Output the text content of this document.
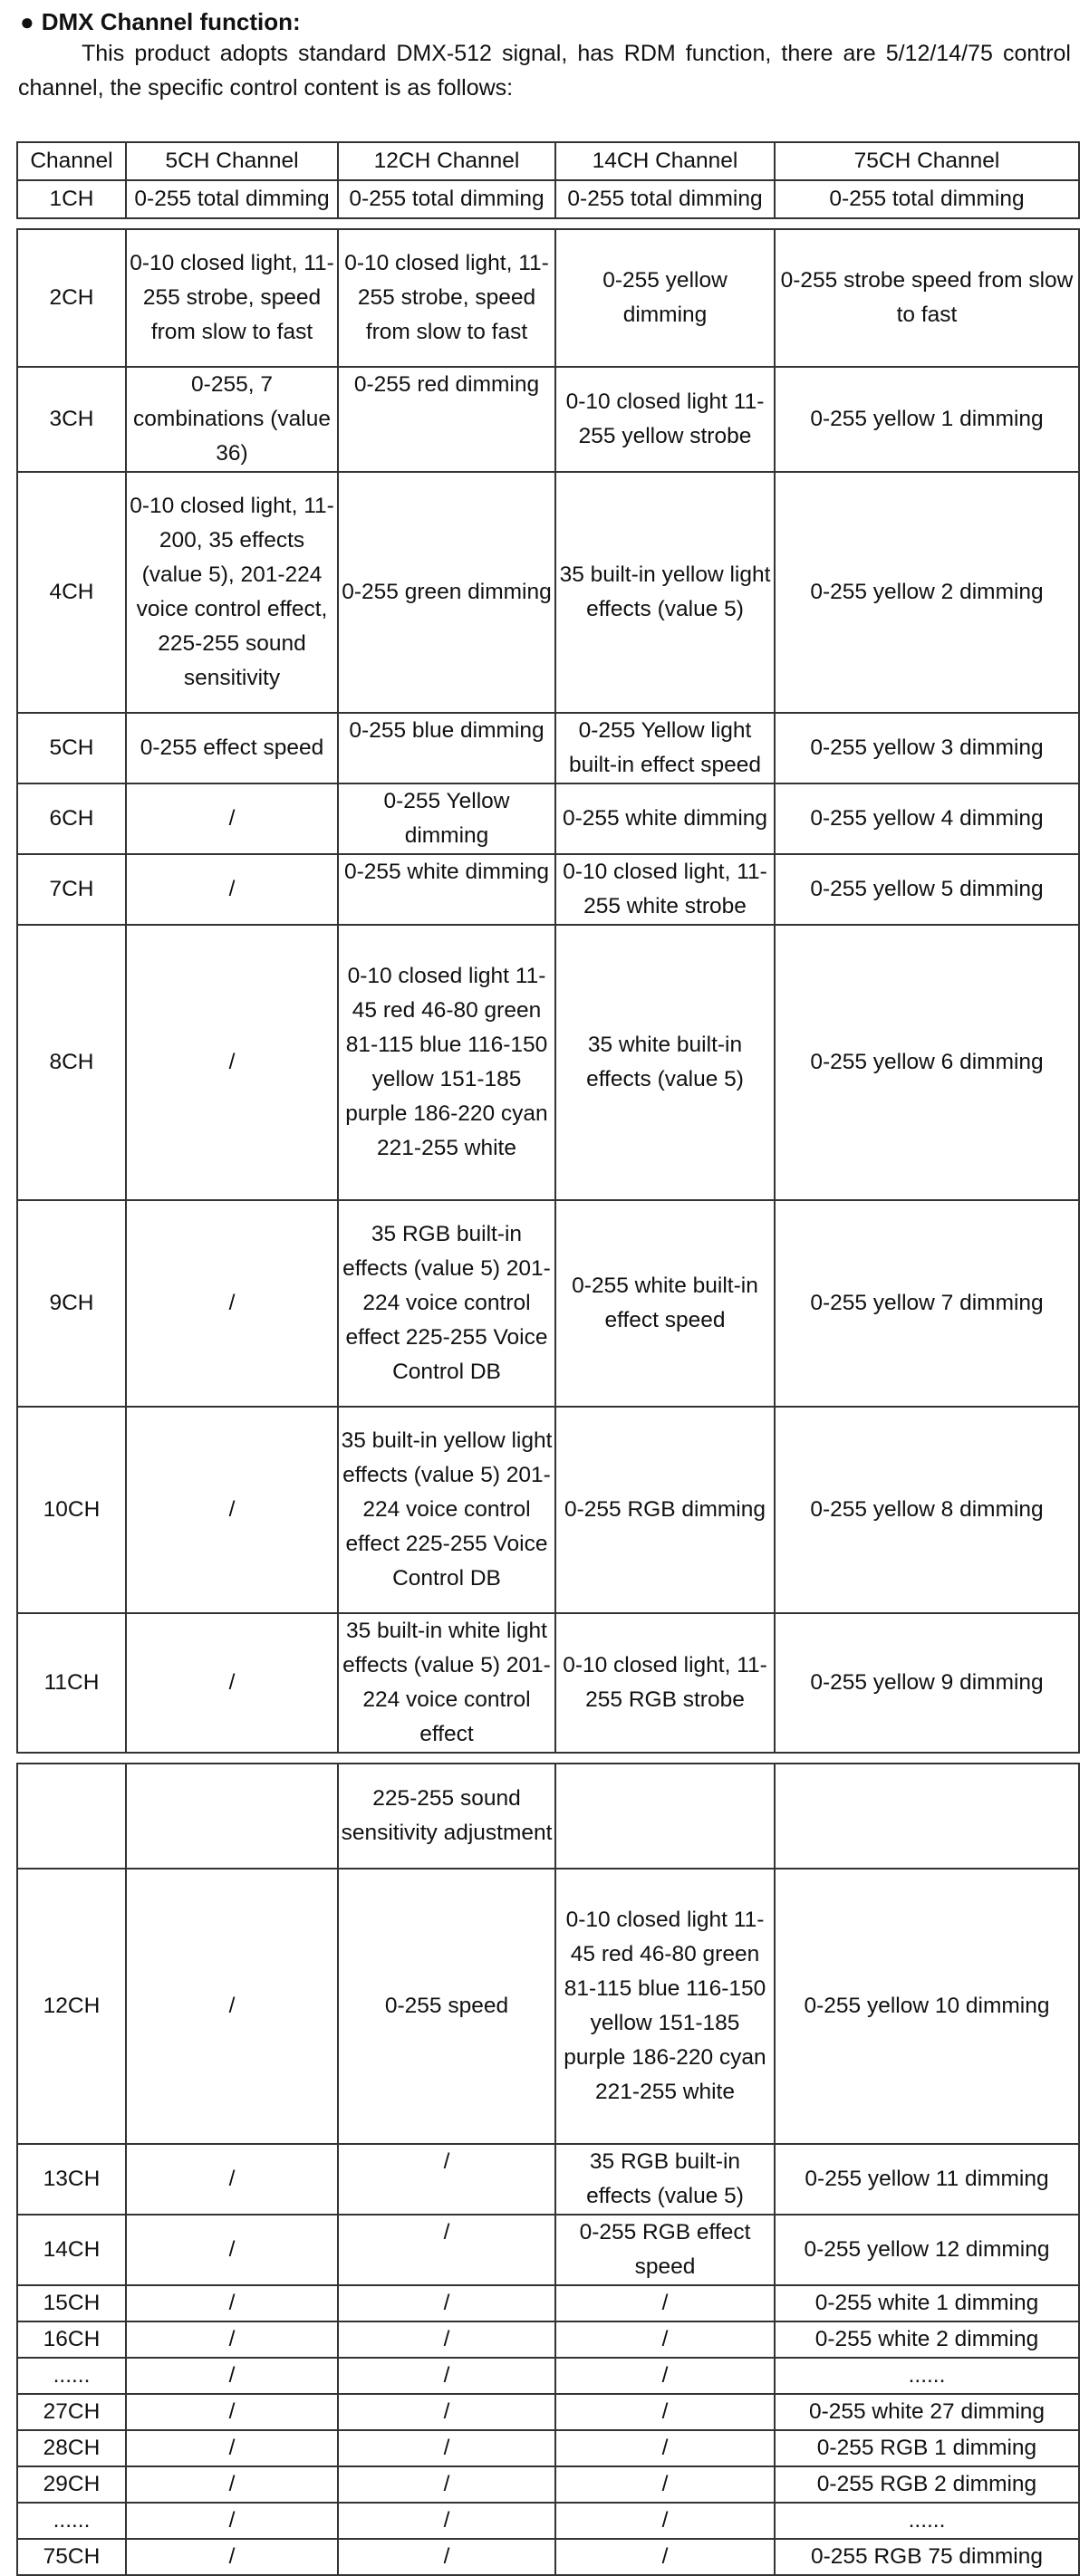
● DMX Channel function:
This product adopts standard DMX-512 signal, has RDM function, there are 5/12/14/75 control channel, the specific control content is as follows:
Channel	5CH Channel	12CH Channel	14CH Channel	75CH Channel
1CH	0-255 total dimming	0-255 total dimming	0-255 total dimming	0-255 total dimming

2CH	0-10 closed light, 11-255 strobe, speed from slow to fast	0-10 closed light, 11-255 strobe, speed from slow to fast	0-255 yellow dimming	0-255 strobe speed from slow to fast
3CH	0-255, 7 combinations (value 36)	0-255 red dimming	0-10 closed light 11-255 yellow strobe	0-255 yellow 1 dimming
4CH	0-10 closed light, 11-200, 35 effects (value 5), 201-224 voice control effect, 225-255 sound sensitivity	0-255 green dimming	35 built-in yellow light effects (value 5)	0-255 yellow 2 dimming
5CH	0-255 effect speed	0-255 blue dimming	0-255 Yellow light built-in effect speed	0-255 yellow 3 dimming
6CH	/	0-255 Yellow dimming	0-255 white dimming	0-255 yellow 4 dimming
7CH	/	0-255 white dimming	0-10 closed light, 11-255 white strobe	0-255 yellow 5 dimming
8CH	/	0-10 closed light 11-45 red 46-80 green 81-115 blue 116-150 yellow 151-185 purple 186-220 cyan 221-255 white	35 white built-in effects (value 5)	0-255 yellow 6 dimming
9CH	/	35 RGB built-in effects (value 5) 201-224 voice control effect 225-255 Voice Control DB	0-255 white built-in effect speed	0-255 yellow 7 dimming
10CH	/	35 built-in yellow light effects (value 5) 201-224 voice control effect 225-255 Voice Control DB	0-255 RGB dimming	0-255 yellow 8 dimming
11CH	/	35 built-in white light effects (value 5) 201-224 voice control effect	0-10 closed light, 11-255 RGB strobe	0-255 yellow 9 dimming

		225-255 sound sensitivity adjustment		
12CH	/	0-255 speed	0-10 closed light 11-45 red 46-80 green 81-115 blue 116-150 yellow 151-185 purple 186-220 cyan 221-255 white	0-255 yellow 10 dimming
13CH	/	/	35 RGB built-in effects (value 5)	0-255 yellow 11 dimming
14CH	/	/	0-255 RGB effect speed	0-255 yellow 12 dimming
15CH	/	/	/	0-255 white 1 dimming
16CH	/	/	/	0-255 white 2 dimming
......	/	/	/	......
27CH	/	/	/	0-255 white 27 dimming
28CH	/	/	/	0-255 RGB 1 dimming
29CH	/	/	/	0-255 RGB 2 dimming
......	/	/	/	......
75CH	/	/	/	0-255 RGB 75 dimming
